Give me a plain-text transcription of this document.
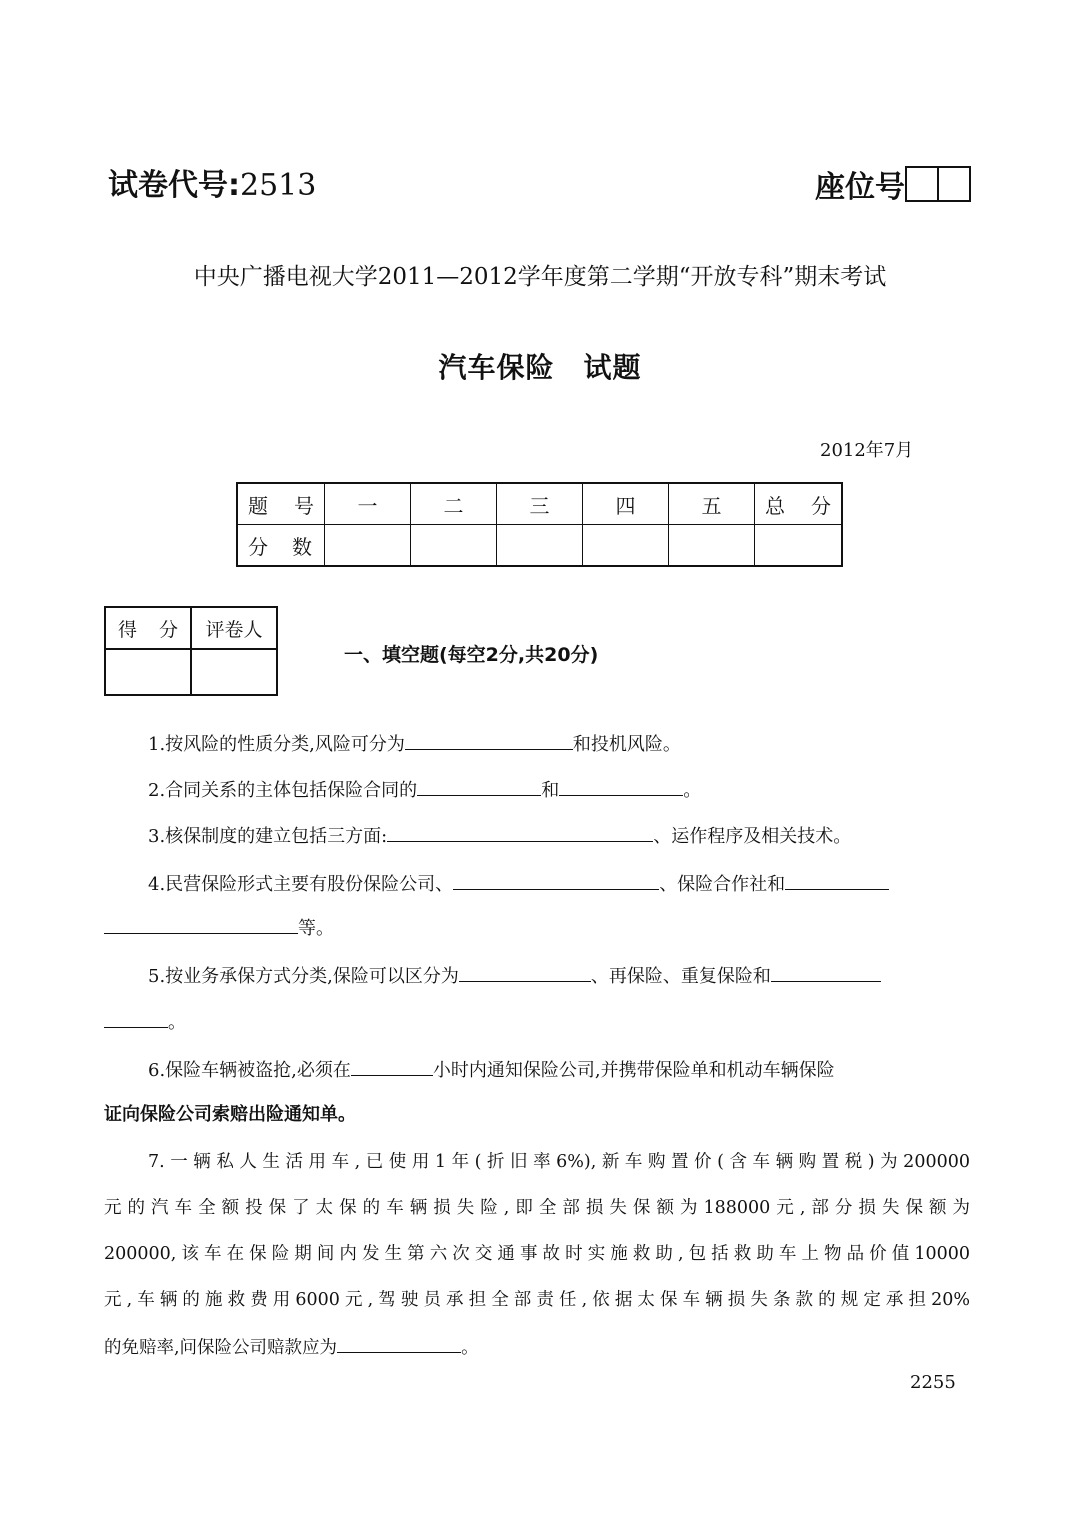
试卷代号:2513	座位号
中央广播电视大学2011—2012学年度第二学期“开放专科”期末考试
汽车保险　试题
2012年7月
题 号	一	二	三	四	五	总 分

分 数						

得 分	评卷人

一、填空题(每空2分,共20分)
1.按风险的性质分类,风险可分为	和投机风险。
2.合同关系的主体包括保险合同的	和	。
3.核保制度的建立包括三方面:	、运作程序及相关技术。
4.民营保险形式主要有股份保险公司、	、保险合作社和
等。
5.按业务承保方式分类,保险可以区分为	、再保险、重复保险和
。
6.保险车辆被盗抢,必须在	小时内通知保险公司,并携带保险单和机动车辆保险
证向保险公司索赔出险通知单。
7.一辆私人生活用车,已使用1年(折旧率6%),新车购置价(含车辆购置税)为200000
元的汽车全额投保了太保的车辆损失险,即全部损失保额为188000元,部分损失保额为
200000,该车在保险期间内发生第六次交通事故时实施救助,包括救助车上物品价值10000
元,车辆的施救费用6000元,驾驶员承担全部责任,依据太保车辆损失条款的规定承担20%
的免赔率,问保险公司赔款应为	。
2255
